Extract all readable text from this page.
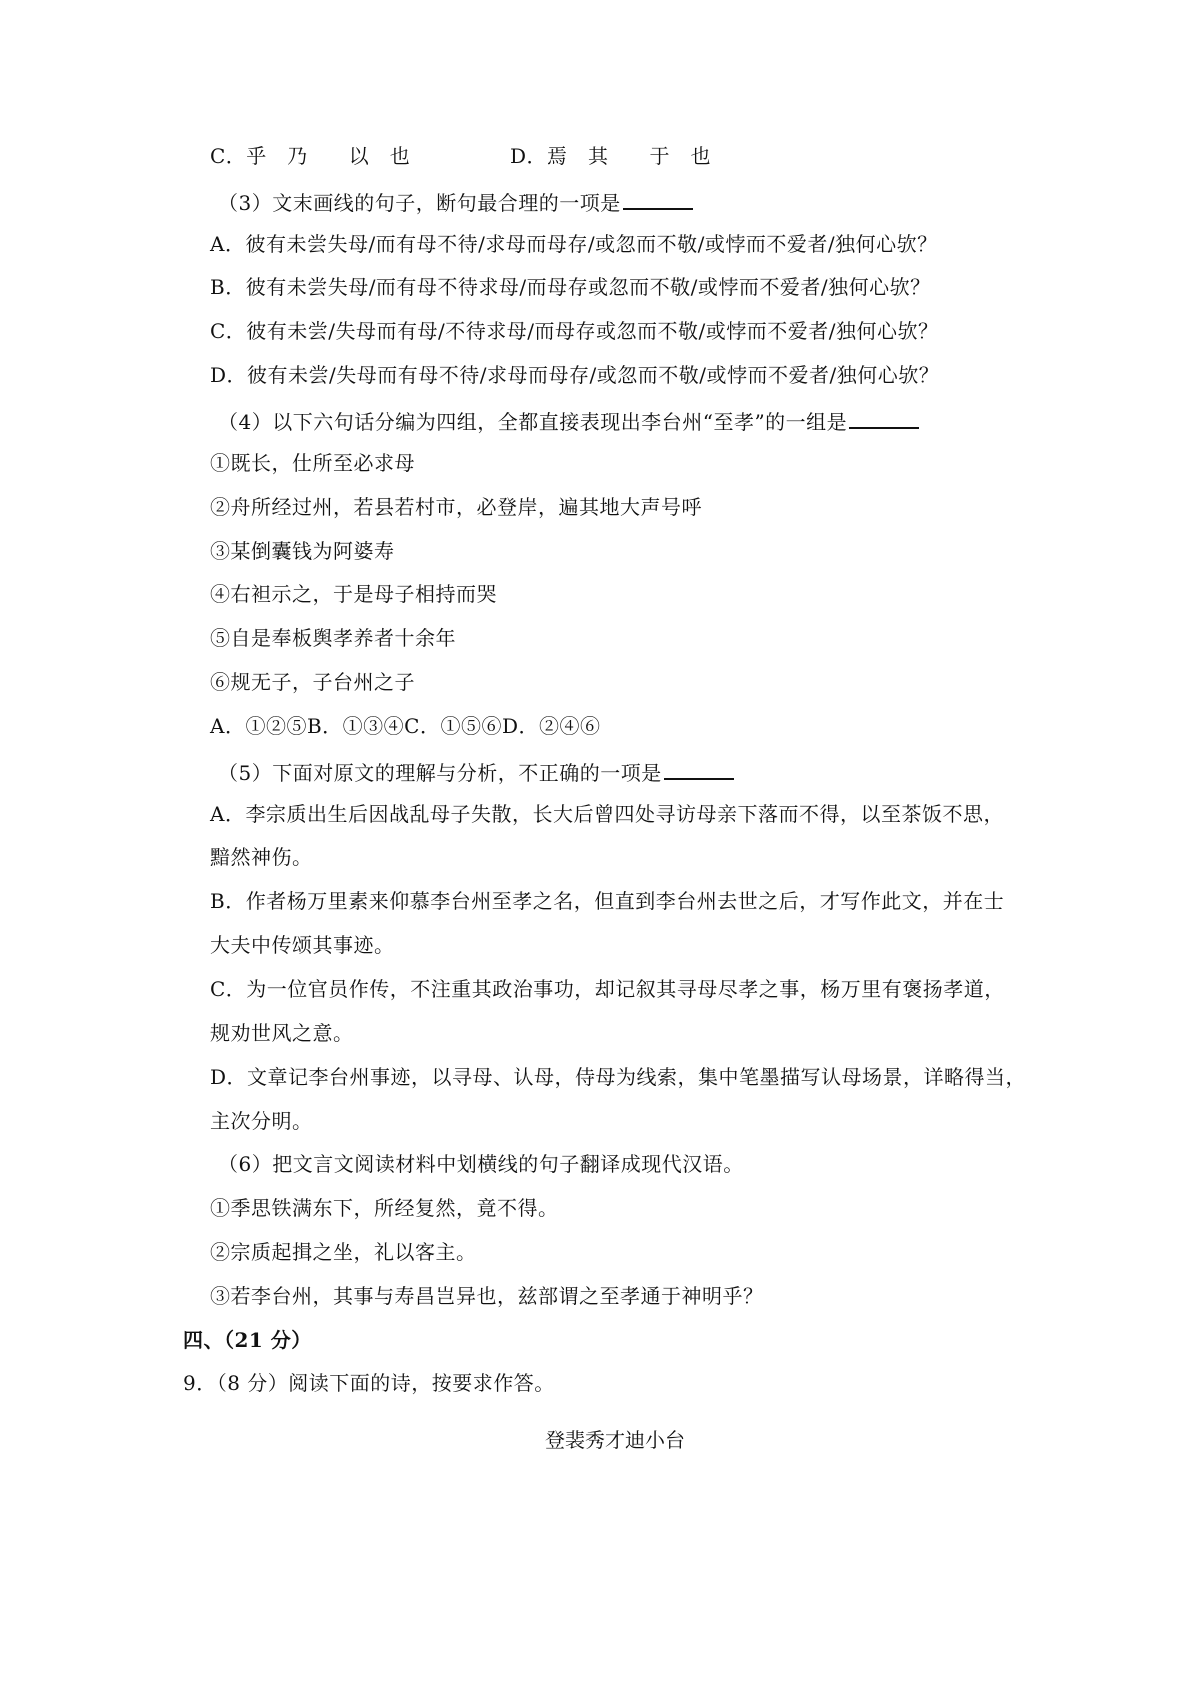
C．乎　乃　　以　也	D．焉　其　　于　也
（3）文末画线的句子，断句最合理的一项是
A．彼有未尝失母/而有母不待/求母而母存/或忽而不敬/或悖而不爱者/独何心欤？
B．彼有未尝失母/而有母不待求母/而母存或忽而不敬/或悖而不爱者/独何心欤？
C．彼有未尝/失母而有母/不待求母/而母存或忽而不敬/或悖而不爱者/独何心欤？
D．彼有未尝/失母而有母不待/求母而母存/或忽而不敬/或悖而不爱者/独何心欤？
（4）以下六句话分编为四组，全都直接表现出李台州“至孝”的一组是
①既长，仕所至必求母
②舟所经过州，若县若村市，必登岸，遍其地大声号呼
③某倒囊钱为阿婆寿
④右袒示之，于是母子相持而哭
⑤自是奉板舆孝养者十余年
⑥规无子，子台州之子
A．①②⑤B．①③④C．①⑤⑥D．②④⑥
（5）下面对原文的理解与分析，不正确的一项是
A．李宗质出生后因战乱母子失散，长大后曾四处寻访母亲下落而不得，以至茶饭不思，
黯然神伤。
B．作者杨万里素来仰慕李台州至孝之名，但直到李台州去世之后，才写作此文，并在士
大夫中传颂其事迹。
C．为一位官员作传，不注重其政治事功，却记叙其寻母尽孝之事，杨万里有褒扬孝道，
规劝世风之意。
D．文章记李台州事迹，以寻母、认母，侍母为线索，集中笔墨描写认母场景，详略得当，
主次分明。
（6）把文言文阅读材料中划横线的句子翻译成现代汉语。
①季思铁满东下，所经复然，竟不得。
②宗质起揖之坐，礼以客主。
③若李台州，其事与寿昌岂异也，兹部谓之至孝通于神明乎？
四、（21 分）
9．（8 分）阅读下面的诗，按要求作答。
登裴秀才迪小台
